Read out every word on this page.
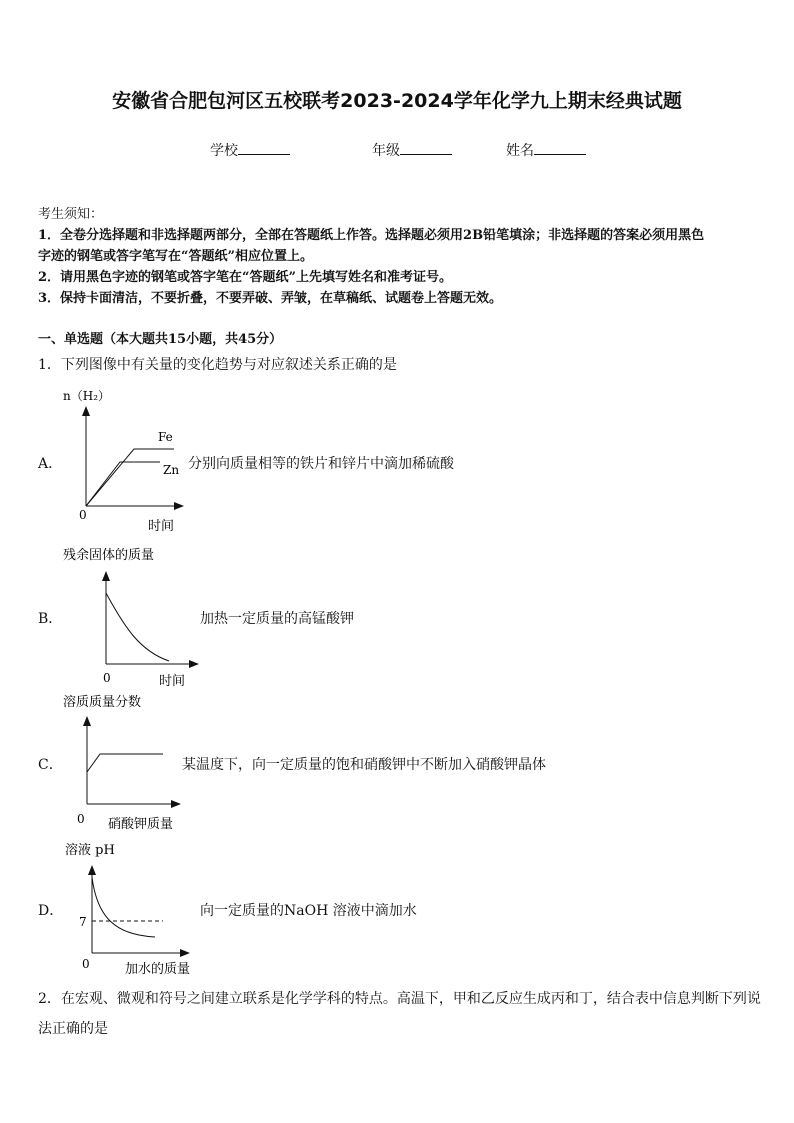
安徽省合肥包河区五校联考2023-2024学年化学九上期末经典试题
学校	年级	姓名
考生须知：
1．全卷分选择题和非选择题两部分，全部在答题纸上作答。选择题必须用2B铅笔填涂；非选择题的答案必须用黑色
字迹的钢笔或答字笔写在“答题纸”相应位置上。
2．请用黑色字迹的钢笔或答字笔在“答题纸”上先填写姓名和准考证号。
3．保持卡面清洁，不要折叠，不要弄破、弄皱，在草稿纸、试题卷上答题无效。
一、单选题（本大题共15小题，共45分）
1．下列图像中有关量的变化趋势与对应叙述关系正确的是
A．
n（H₂）
Fe
Zn
0
时间
分别向质量相等的铁片和锌片中滴加稀硫酸
B．
残余固体的质量
0	时间
加热一定质量的高锰酸钾
C．
溶质质量分数
0 硝酸钾质量
某温度下，向一定质量的饱和硝酸钾中不断加入硝酸钾晶体
D．
溶液 pH
7
0	加水的质量
向一定质量的NaOH 溶液中滴加水
2．在宏观、微观和符号之间建立联系是化学学科的特点。高温下，甲和乙反应生成丙和丁，结合表中信息判断下列说
法正确的是
